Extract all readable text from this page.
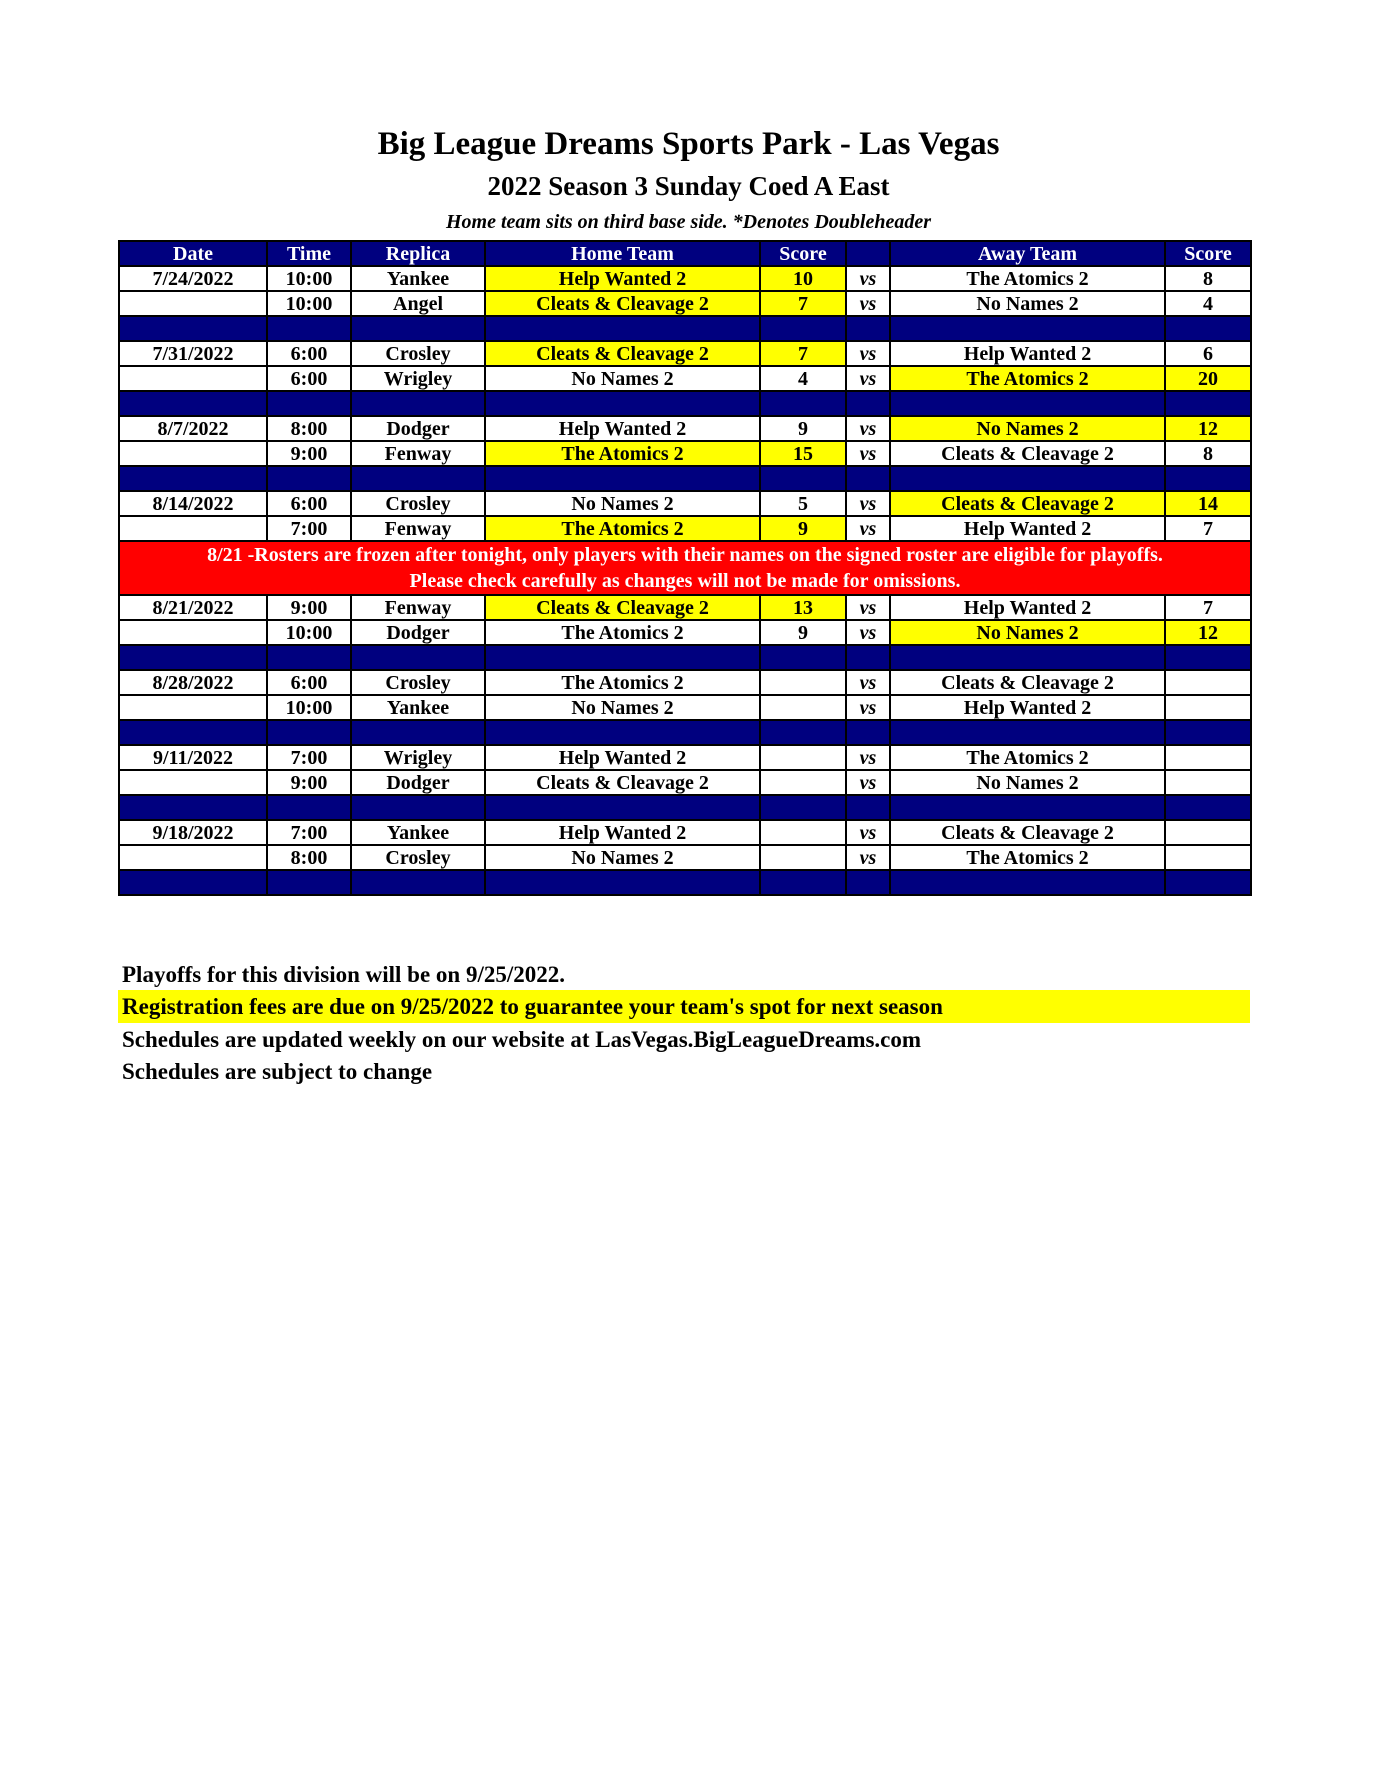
Big League Dreams Sports Park - Las Vegas
2022 Season 3 Sunday Coed A East
Home team sits on third base side. *Denotes Doubleheader
Date	Time	Replica	Home Team	Score		Away Team	Score
7/24/2022	10:00	Yankee	Help Wanted 2	10	vs	The Atomics 2	8
	10:00	Angel	Cleats & Cleavage 2	7	vs	No Names 2	4

7/31/2022	6:00	Crosley	Cleats & Cleavage 2	7	vs	Help Wanted 2	6
	6:00	Wrigley	No Names 2	4	vs	The Atomics 2	20

8/7/2022	8:00	Dodger	Help Wanted 2	9	vs	No Names 2	12
	9:00	Fenway	The Atomics 2	15	vs	Cleats & Cleavage 2	8

8/14/2022	6:00	Crosley	No Names 2	5	vs	Cleats & Cleavage 2	14
	7:00	Fenway	The Atomics 2	9	vs	Help Wanted 2	7

8/21 -Rosters are frozen after tonight, only players with their names on the signed roster are eligible for playoffs.
Please check carefully as changes will not be made for omissions.							

8/21/2022	9:00	Fenway	Cleats & Cleavage 2	13	vs	Help Wanted 2	7
	10:00	Dodger	The Atomics 2	9	vs	No Names 2	12

8/28/2022	6:00	Crosley	The Atomics 2		vs	Cleats & Cleavage 2	
	10:00	Yankee	No Names 2		vs	Help Wanted 2	

9/11/2022	7:00	Wrigley	Help Wanted 2		vs	The Atomics 2	
	9:00	Dodger	Cleats & Cleavage 2		vs	No Names 2	

9/18/2022	7:00	Yankee	Help Wanted 2		vs	Cleats & Cleavage 2	
	8:00	Crosley	No Names 2		vs	The Atomics 2	

Playoffs for this division will be on 9/25/2022.
Registration fees are due on 9/25/2022 to guarantee your team's spot for next season
Schedules are updated weekly on our website at LasVegas.BigLeagueDreams.com
Schedules are subject to change
